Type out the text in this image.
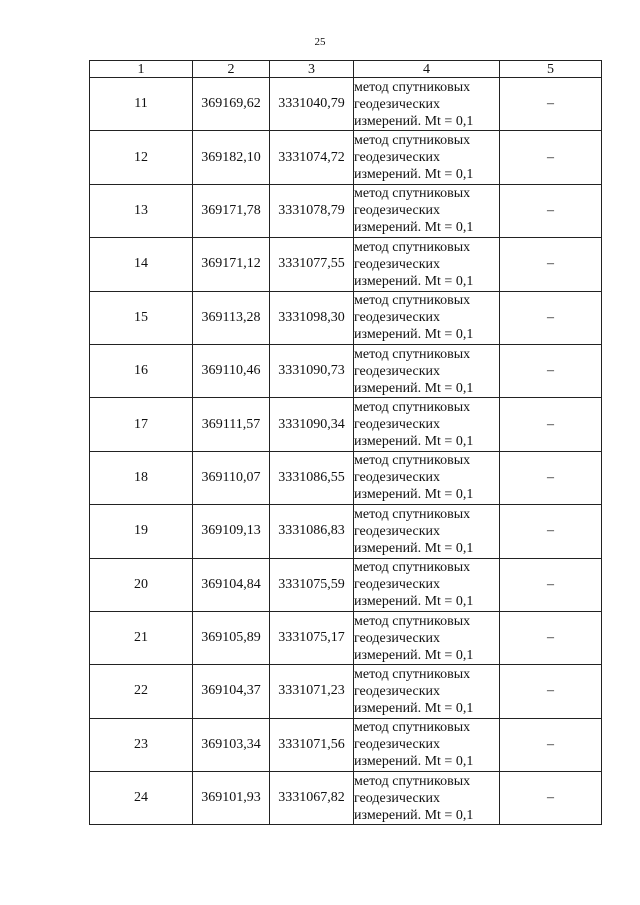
25
1	2	3	4	5
11	369169,62	3331040,79	метод спутниковых
геодезических
измерений. Mt = 0,1	–
12	369182,10	3331074,72	метод спутниковых
геодезических
измерений. Mt = 0,1	–
13	369171,78	3331078,79	метод спутниковых
геодезических
измерений. Mt = 0,1	–
14	369171,12	3331077,55	метод спутниковых
геодезических
измерений. Mt = 0,1	–
15	369113,28	3331098,30	метод спутниковых
геодезических
измерений. Mt = 0,1	–
16	369110,46	3331090,73	метод спутниковых
геодезических
измерений. Mt = 0,1	–
17	369111,57	3331090,34	метод спутниковых
геодезических
измерений. Mt = 0,1	–
18	369110,07	3331086,55	метод спутниковых
геодезических
измерений. Mt = 0,1	–
19	369109,13	3331086,83	метод спутниковых
геодезических
измерений. Mt = 0,1	–
20	369104,84	3331075,59	метод спутниковых
геодезических
измерений. Mt = 0,1	–
21	369105,89	3331075,17	метод спутниковых
геодезических
измерений. Mt = 0,1	–
22	369104,37	3331071,23	метод спутниковых
геодезических
измерений. Mt = 0,1	–
23	369103,34	3331071,56	метод спутниковых
геодезических
измерений. Mt = 0,1	–
24	369101,93	3331067,82	метод спутниковых
геодезических
измерений. Mt = 0,1	–
